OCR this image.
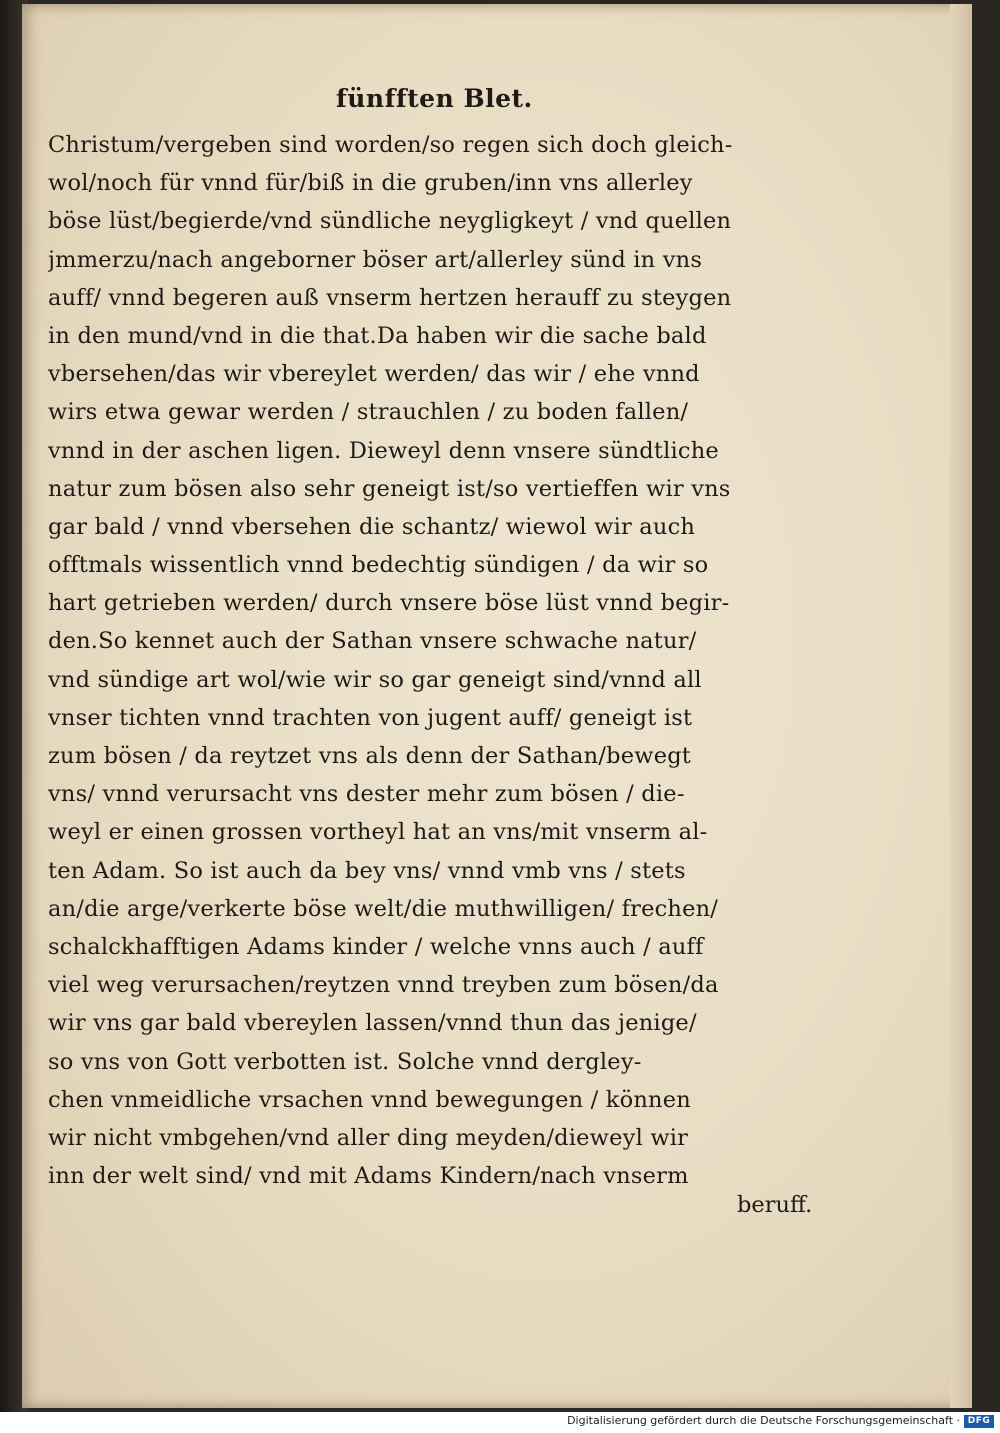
fünfften Blet.
Christum/vergeben sind worden/so regen sich doch gleich-
wol/noch für vnnd für/biß in die gruben/inn vns allerley
böse lüst/begierde/vnd sündliche neygligkeyt / vnd quellen
jmmerzu/nach angeborner böser art/allerley sünd in vns
auff/ vnnd begeren auß vnserm hertzen herauff zu steygen
in den mund/vnd in die that.Da haben wir die sache bald
vbersehen/das wir vbereylet werden/ das wir / ehe vnnd
wirs etwa gewar werden / strauchlen / zu boden fallen/
vnnd in der aschen ligen. Dieweyl denn vnsere sündtliche
natur zum bösen also sehr geneigt ist/so vertieffen wir vns
gar bald / vnnd vbersehen die schantz/ wiewol wir auch
offtmals wissentlich vnnd bedechtig sündigen / da wir so
hart getrieben werden/ durch vnsere böse lüst vnnd begir-
den.So kennet auch der Sathan vnsere schwache natur/
vnd sündige art wol/wie wir so gar geneigt sind/vnnd all
vnser tichten vnnd trachten von jugent auff/ geneigt ist
zum bösen / da reytzet vns als denn der Sathan/bewegt
vns/ vnnd verursacht vns dester mehr zum bösen / die-
weyl er einen grossen vortheyl hat an vns/mit vnserm al-
ten Adam. So ist auch da bey vns/ vnnd vmb vns / stets
an/die arge/verkerte böse welt/die muthwilligen/ frechen/
schalckhafftigen Adams kinder / welche vnns auch / auff
viel weg verursachen/reytzen vnnd treyben zum bösen/da
wir vns gar bald vbereylen lassen/vnnd thun das jenige/
so vns von Gott verbotten ist. Solche vnnd dergley-
chen vnmeidliche vrsachen vnnd bewegungen / können
wir nicht vmbgehen/vnd aller ding meyden/dieweyl wir
inn der welt sind/ vnd mit Adams Kindern/nach vnserm
beruff.
Digitalisierung gefördert durch die Deutsche Forschungsgemeinschaft · DFG
